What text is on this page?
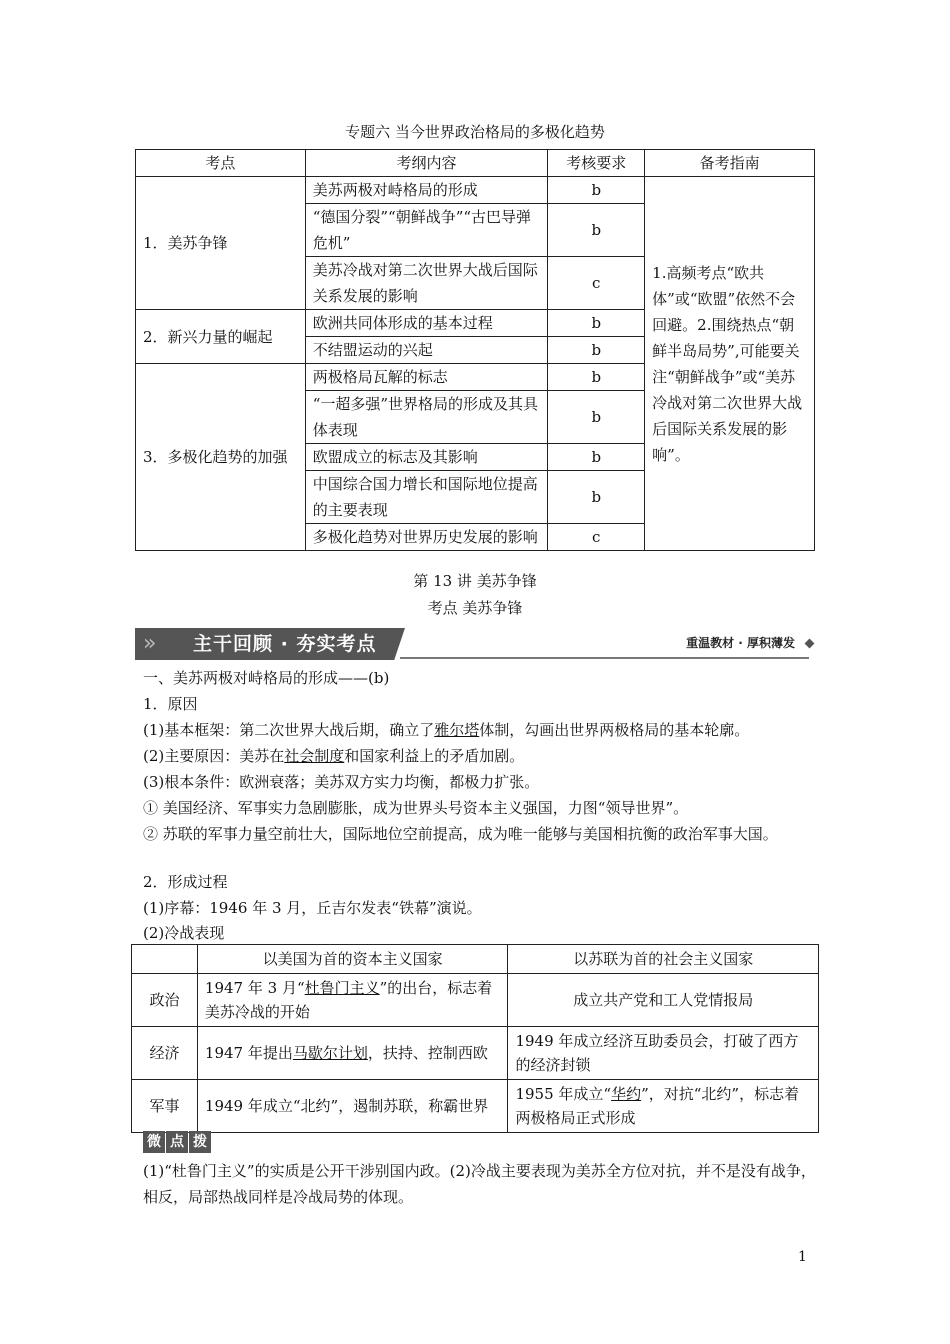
专题六 当今世界政治格局的多极化趋势
考点	考纲内容	考核要求	备考指南
1．美苏争锋	美苏两极对峙格局的形成	b	1.高频考点“欧共体”或“欧盟”依然不会回避。2.围绕热点“朝鲜半岛局势”,可能要关注“朝鲜战争”或“美苏冷战对第二次世界大战后国际关系发展的影响”。
	“德国分裂”“朝鲜战争”“古巴导弹危机”	b	
	美苏冷战对第二次世界大战后国际关系发展的影响	c	
2．新兴力量的崛起	欧洲共同体形成的基本过程	b	
	不结盟运动的兴起	b	
3．多极化趋势的加强	两极格局瓦解的标志	b	
	“一超多强”世界格局的形成及其具体表现	b	
	欧盟成立的标志及其影响	b	
	中国综合国力增长和国际地位提高的主要表现	b	
	多极化趋势对世界历史发展的影响	c	
第 13 讲 美苏争锋
考点 美苏争锋
»	主干回顾 · 夯实考点	重温教材 · 厚积薄发
一、美苏两极对峙格局的形成——(b)
1．原因
(1)基本框架：第二次世界大战后期，确立了雅尔塔体制，勾画出世界两极格局的基本轮廓。
(2)主要原因：美苏在社会制度和国家利益上的矛盾加剧。
(3)根本条件：欧洲衰落；美苏双方实力均衡，都极力扩张。
① 美国经济、军事实力急剧膨胀，成为世界头号资本主义强国，力图“领导世界”。
② 苏联的军事力量空前壮大，国际地位空前提高，成为唯一能够与美国相抗衡的政治军事大国。
2．形成过程
(1)序幕：1946 年 3 月，丘吉尔发表“铁幕”演说。
(2)冷战表现
	以美国为首的资本主义国家	以苏联为首的社会主义国家
政治	1947 年 3 月“杜鲁门主义”的出台，标志着美苏冷战的开始	成立共产党和工人党情报局
经济	1947 年提出马歇尔计划，扶持、控制西欧	1949 年成立经济互助委员会，打破了西方的经济封锁
军事	1949 年成立“北约”，遏制苏联，称霸世界	1955 年成立“华约”，对抗“北约”，标志着两极格局正式形成
微 点 拨
(1)“杜鲁门主义”的实质是公开干涉别国内政。(2)冷战主要表现为美苏全方位对抗，并不是没有战争，相反，局部热战同样是冷战局势的体现。
1
